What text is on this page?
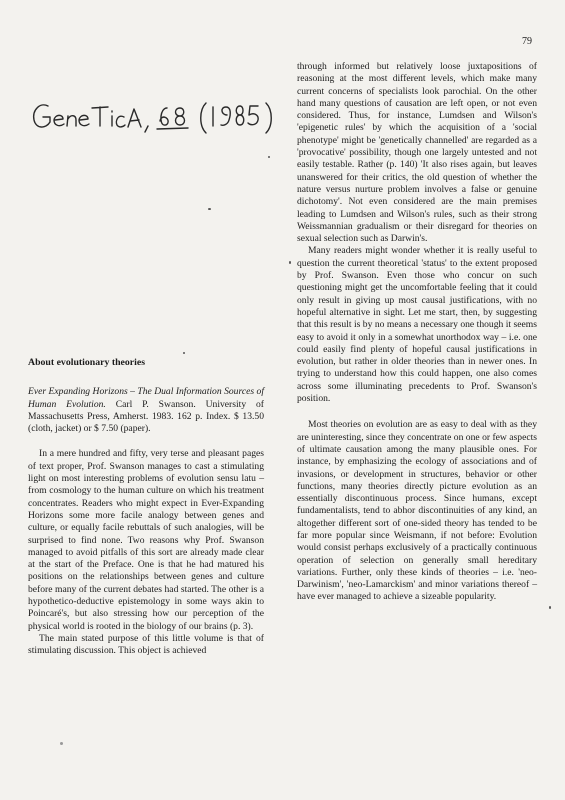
79

About evolutionary theories

Ever Expanding Horizons – The Dual Information Sources of Human Evolution. Carl P. Swanson. University of Massachusetts Press, Amherst. 1983. 162 p. Index. $ 13.50 (cloth, jacket) or $ 7.50 (paper).

In a mere hundred and fifty, very terse and pleasant pages of text proper, Prof. Swanson manages to cast a stimulating light on most interesting problems of evolution sensu latu – from cosmology to the human culture on which his treatment concentrates. Readers who might expect in Ever-Expanding Horizons some more facile analogy between genes and culture, or equally facile rebuttals of such analogies, will be surprised to find none. Two reasons why Prof. Swanson managed to avoid pitfalls of this sort are already made clear at the start of the Preface. One is that he had matured his positions on the relationships between genes and culture before many of the current debates had started. The other is a hypothetico-deductive epistemology in some ways akin to Poincaré's, but also stressing how our perception of the physical world is rooted in the biology of our brains (p. 3).

The main stated purpose of this little volume is that of stimulating discussion. This object is achieved

through informed but relatively loose juxtapositions of reasoning at the most different levels, which make many current concerns of specialists look parochial. On the other hand many questions of causation are left open, or not even considered. Thus, for instance, Lumdsen and Wilson's 'epigenetic rules' by which the acquisition of a 'social phenotype' might be 'genetically channelled' are regarded as a 'provocative' possibility, though one largely untested and not easily testable. Rather (p. 140) 'It also rises again, but leaves unanswered for their critics, the old question of whether the nature versus nurture problem involves a false or genuine dichotomy'. Not even considered are the main premises leading to Lumdsen and Wilson's rules, such as their strong Weissmannian gradualism or their disregard for theories on sexual selection such as Darwin's.

Many readers might wonder whether it is really useful to question the current theoretical 'status' to the extent proposed by Prof. Swanson. Even those who concur on such questioning might get the uncomfortable feeling that it could only result in giving up most causal justifications, with no hopeful alternative in sight. Let me start, then, by suggesting that this result is by no means a necessary one though it seems easy to avoid it only in a somewhat unorthodox way – i.e. one could easily find plenty of hopeful causal justifications in evolution, but rather in older theories than in newer ones. In trying to understand how this could happen, one also comes across some illuminating precedents to Prof. Swanson's position.

Most theories on evolution are as easy to deal with as they are uninteresting, since they concentrate on one or few aspects of ultimate causation among the many plausible ones. For instance, by emphasizing the ecology of associations and of invasions, or development in structures, behavior or other functions, many theories directly picture evolution as an essentially discontinuous process. Since humans, except fundamentalists, tend to abhor discontinuities of any kind, an altogether different sort of one-sided theory has tended to be far more popular since Weismann, if not before: Evolution would consist perhaps exclusively of a practically continuous operation of selection on generally small hereditary variations. Further, only these kinds of theories – i.e. 'neo-Darwinism', 'neo-Lamarckism' and minor variations thereof – have ever managed to achieve a sizeable popularity.
